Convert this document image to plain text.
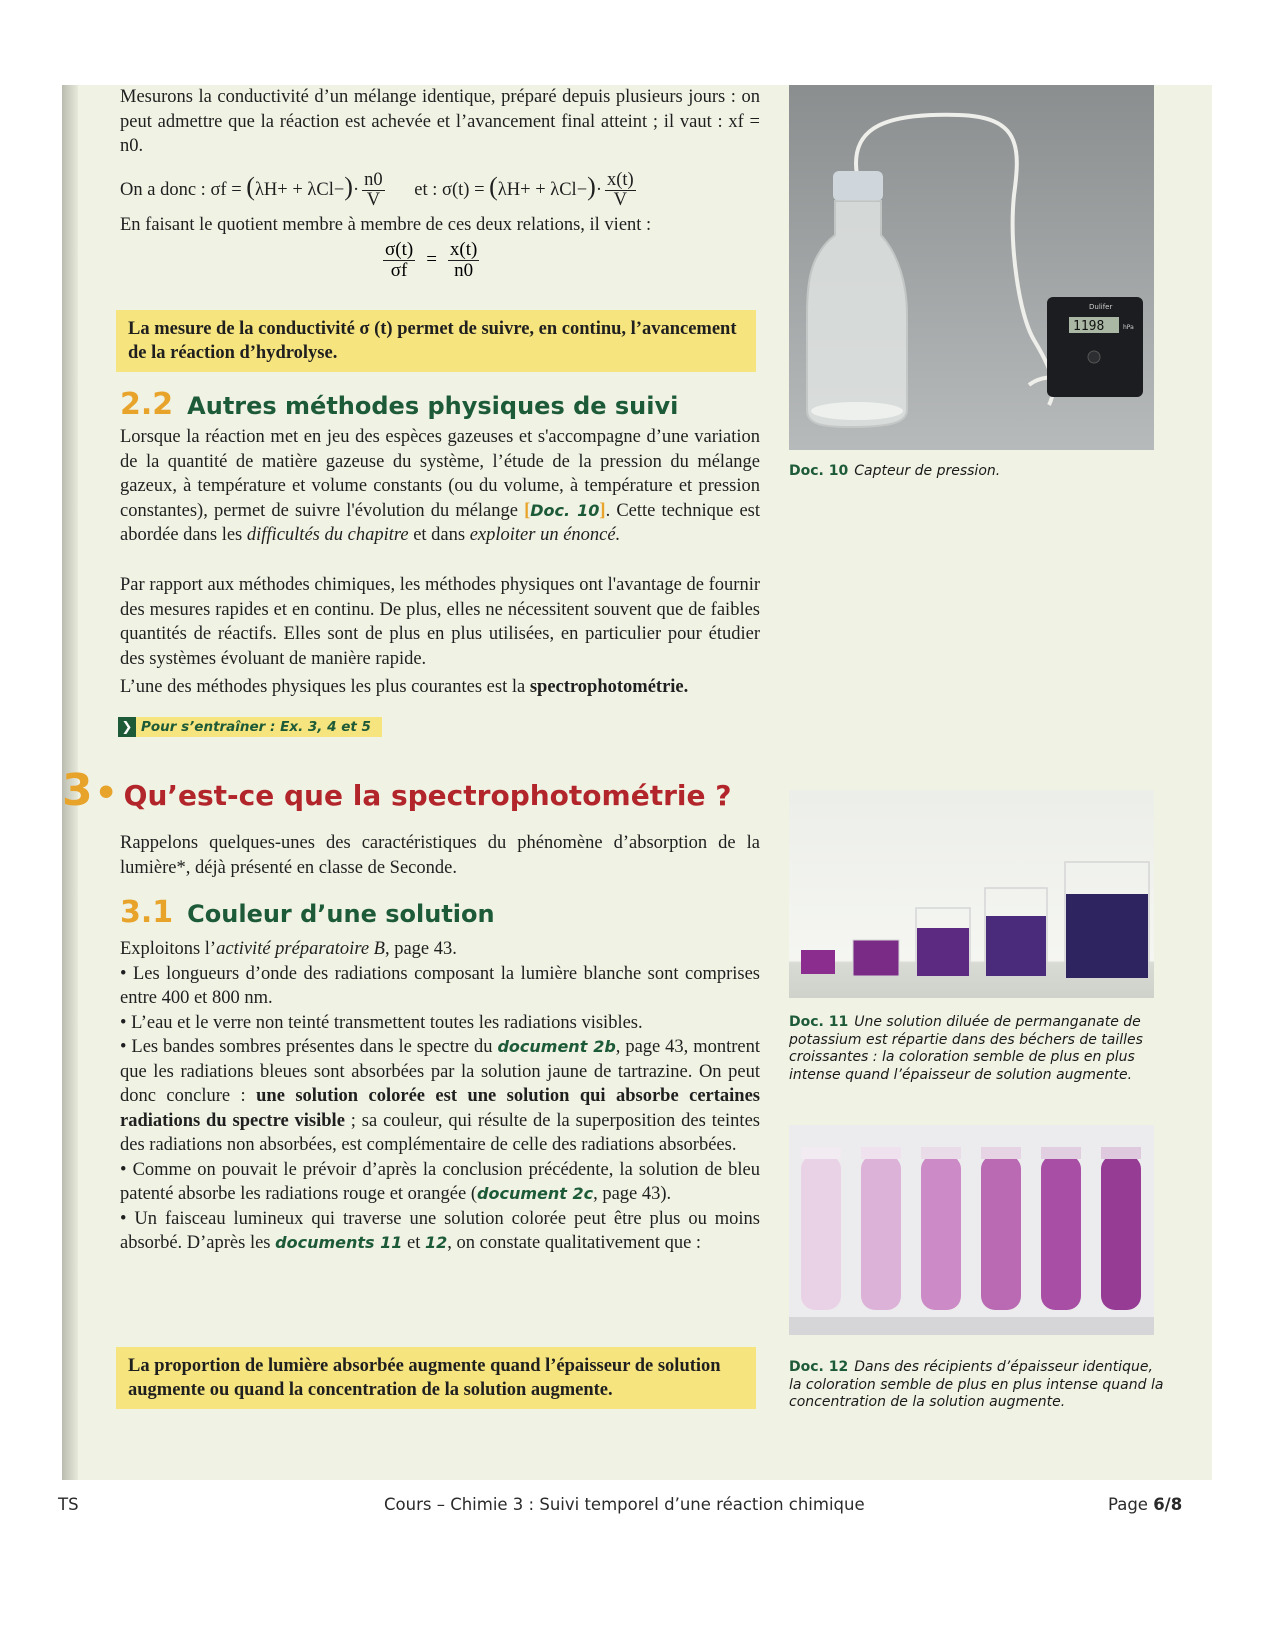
Mesurons la conductivité d’un mélange identique, préparé depuis plusieurs jours : on peut admettre que la réaction est achevée et l’avancement final atteint ; il vaut : xf = n0.

On a donc : $\sigma f = (\lambda H+ + \lambda Cl-)\cdot \frac{n0}{V}$ et : $\sigma(t) = (\lambda H+ + \lambda Cl-)\cdot \frac{x(t)}{V}$

En faisant le quotient membre à membre de ces deux relations, il vient :

$\frac{\sigma(t)}{\sigma f} = \frac{x(t)}{n0}$
La mesure de la conductivité σ (t) permet de suivre, en continu, l’avancement de la réaction d’hydrolyse.
2.2 Autres méthodes physiques de suivi

Lorsque la réaction met en jeu des espèces gazeuses et s'accompagne d’une variation de la quantité de matière gazeuse du système, l’étude de la pression du mélange gazeux, à température et volume constants (ou du volume, à température et pression constantes), permet de suivre l'évolution du mélange [Doc. 10]. Cette technique est abordée dans les difficultés du chapitre et dans exploiter un énoncé.

Par rapport aux méthodes chimiques, les méthodes physiques ont l'avantage de fournir des mesures rapides et en continu. De plus, elles ne nécessitent souvent que de faibles quantités de réactifs. Elles sont de plus en plus utilisées, en particulier pour étudier des systèmes évoluant de manière rapide.

L’une des méthodes physiques les plus courantes est la spectrophotométrie.

❯ Pour s’entraîner : Ex. 3, 4 et 5
3• Qu’est-ce que la spectrophotométrie ?

Rappelons quelques-unes des caractéristiques du phénomène d’absorption de la lumière*, déjà présenté en classe de Seconde.

3.1 Couleur d’une solution

Exploitons l’activité préparatoire B, page 43.

• Les longueurs d’onde des radiations composant la lumière blanche sont comprises entre 400 et 800 nm.

• L’eau et le verre non teinté transmettent toutes les radiations visibles.

• Les bandes sombres présentes dans le spectre du document 2b, page 43, montrent que les radiations bleues sont absorbées par la solution jaune de tartrazine. On peut donc conclure : une solution colorée est une solution qui absorbe certaines radiations du spectre visible ; sa couleur, qui résulte de la superposition des teintes des radiations non absorbées, est complémentaire de celle des radiations absorbées.

• Comme on pouvait le prévoir d’après la conclusion précédente, la solution de bleu patenté absorbe les radiations rouge et orangée (document 2c, page 43).

• Un faisceau lumineux qui traverse une solution colorée peut être plus ou moins absorbé. D’après les documents 11 et 12, on constate qualitativement que :

La proportion de lumière absorbée augmente quand l’épaisseur de solution augmente ou quand la concentration de la solution augmente.
Dulifer
1198	hPa
Doc. 10 Capteur de pression.
Doc. 11 Une solution diluée de permanganate de potassium est répartie dans des béchers de tailles croissantes : la coloration semble de plus en plus intense quand l’épaisseur de solution augmente.
Doc. 12 Dans des récipients d’épaisseur identique, la coloration semble de plus en plus intense quand la concentration de la solution augmente.
TS	Cours – Chimie 3 : Suivi temporel d’une réaction chimique	Page 6/8
